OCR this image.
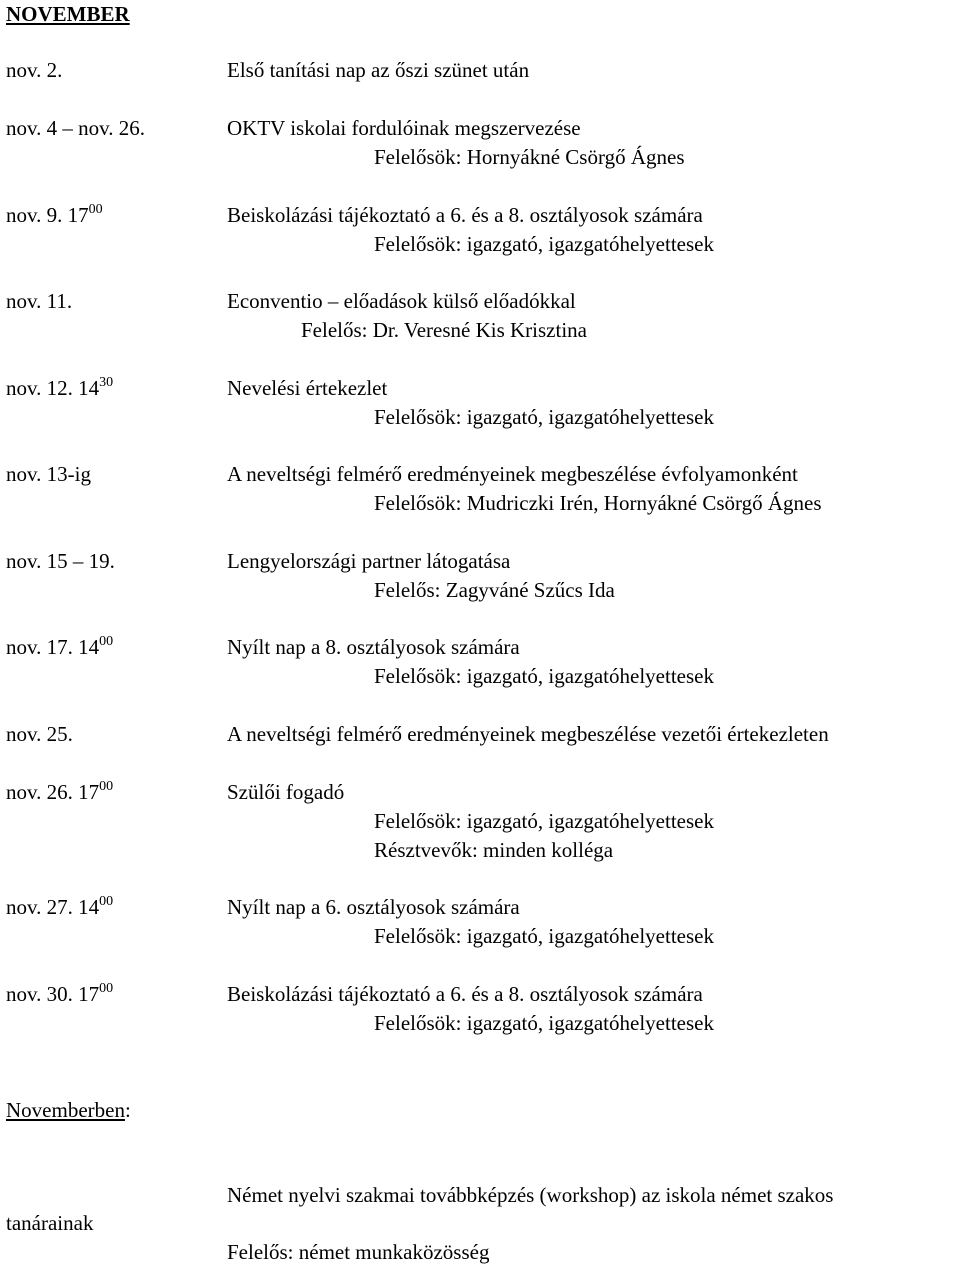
NOVEMBER
nov. 2.	Első tanítási nap az őszi szünet után
nov. 4 – nov. 26.	OKTV iskolai fordulóinak megszervezése
Felelősök: Hornyákné Csörgő Ágnes
nov. 9. $17^{00}$	Beiskolázási tájékoztató a 6. és a 8. osztályosok számára
Felelősök: igazgató, igazgatóhelyettesek
nov. 11.	Econventio – előadások külső előadókkal
Felelős: Dr. Veresné Kis Krisztina
nov. 12. $14^{30}$	Nevelési értekezlet
Felelősök: igazgató, igazgatóhelyettesek
nov. 13-ig	A neveltségi felmérő eredményeinek megbeszélése évfolyamonként
Felelősök: Mudriczki Irén, Hornyákné Csörgő Ágnes
nov. 15 – 19.	Lengyelországi partner látogatása
Felelős: Zagyváné Szűcs Ida
nov. 17. $14^{00}$	Nyílt nap a 8. osztályosok számára
Felelősök: igazgató, igazgatóhelyettesek
nov. 25.	A neveltségi felmérő eredményeinek megbeszélése vezetői értekezleten
nov. 26. $17^{00}$	Szülői fogadó
Felelősök: igazgató, igazgatóhelyettesek
Résztvevők: minden kolléga
nov. 27. $14^{00}$	Nyílt nap a 6. osztályosok számára
Felelősök: igazgató, igazgatóhelyettesek
nov. 30. $17^{00}$	Beiskolázási tájékoztató a 6. és a 8. osztályosok számára
Felelősök: igazgató, igazgatóhelyettesek
Novemberben:
Német nyelvi szakmai továbbképzés (workshop) az iskola német szakos
tanárainak
Felelős: német munkaközösség
